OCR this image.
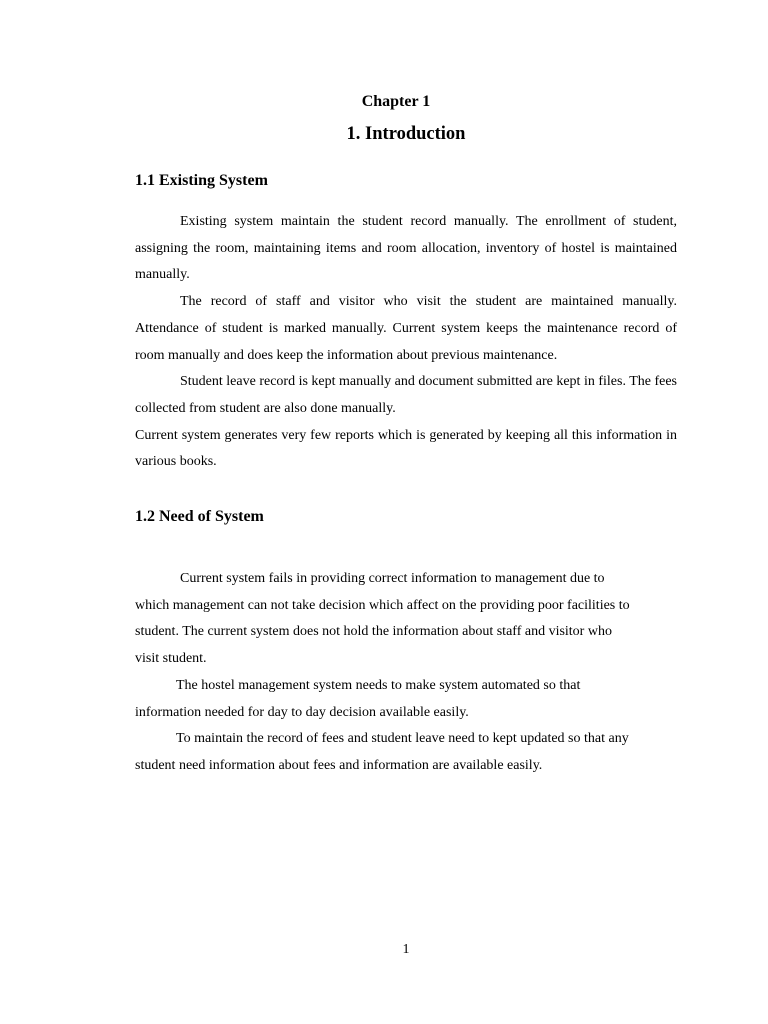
Chapter 1
1. Introduction
1.1 Existing System

Existing system maintain the student record manually. The enrollment of student, assigning the room, maintaining items and room allocation, inventory of hostel is maintained manually.

The record of staff and visitor who visit the student are maintained manually. Attendance of student is marked manually. Current system keeps the maintenance record of room manually and does keep the information about previous maintenance.

Student leave record is kept manually and document submitted are kept in files. The fees collected from student are also done manually.

Current system generates very few reports which is generated by keeping all this information in various books.

1.2 Need of System

Current system fails in providing correct information to management due to

which management can not take decision which affect on the providing poor facilities to

student. The current system does not hold the information about staff and visitor who

visit student.

The hostel management system needs to make system automated so that

information needed for day to day decision available easily.

To maintain the record of fees and student leave need to kept updated so that any

student need information about fees and information are available easily.

1
